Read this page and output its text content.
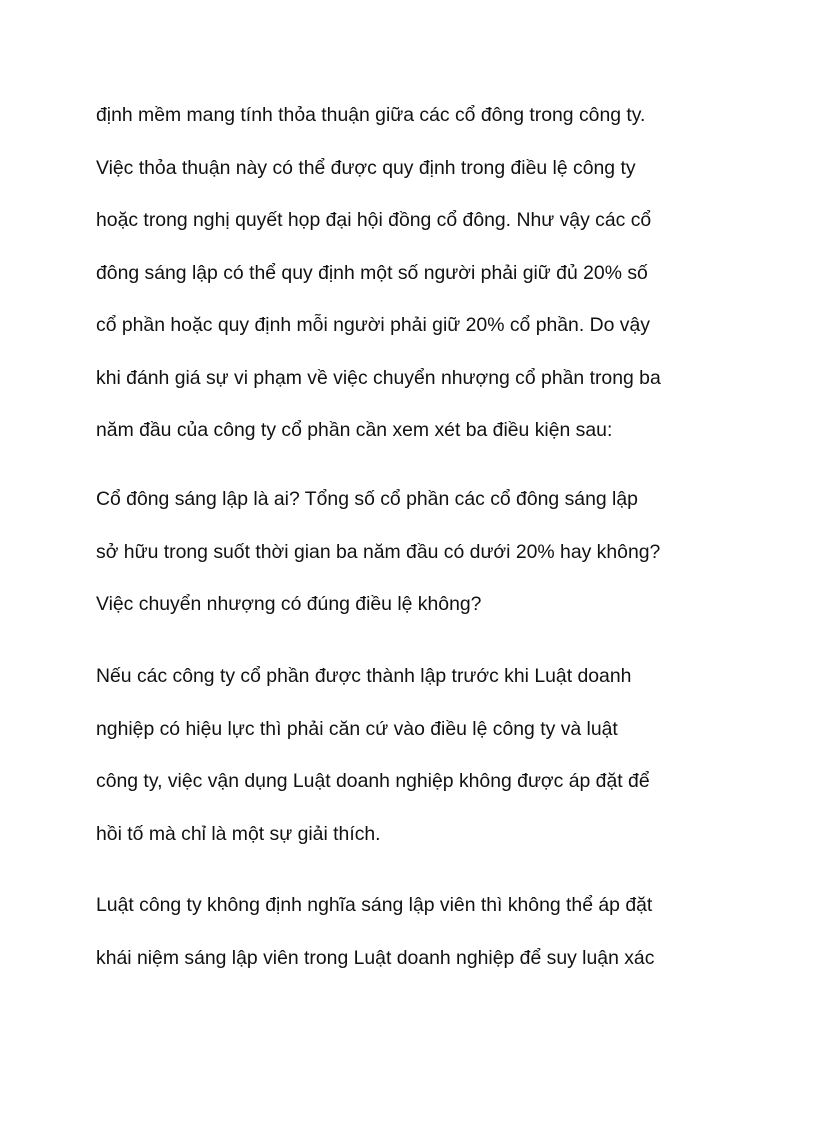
định mềm mang tính thỏa thuận giữa các cổ đông trong công ty.
Việc thỏa thuận này có thể được quy định trong điều lệ công ty
hoặc trong nghị quyết họp đại hội đồng cổ đông. Như vậy các cổ
đông sáng lập có thể quy định một số người phải giữ đủ 20% số
cổ phần hoặc quy định mỗi người phải giữ 20% cổ phần. Do vậy
khi đánh giá sự vi phạm về việc chuyển nhượng cổ phần trong ba
năm đầu của công ty cổ phần cần xem xét ba điều kiện sau:
Cổ đông sáng lập là ai? Tổng số cổ phần các cổ đông sáng lập
sở hữu trong suốt thời gian ba năm đầu có dưới 20% hay không?
Việc chuyển nhượng có đúng điều lệ không?
Nếu các công ty cổ phần được thành lập trước khi Luật doanh
nghiệp có hiệu lực thì phải căn cứ vào điều lệ công ty và luật
công ty, việc vận dụng Luật doanh nghiệp không được áp đặt để
hồi tố mà chỉ là một sự giải thích.
Luật công ty không định nghĩa sáng lập viên thì không thể áp đặt
khái niệm sáng lập viên trong Luật doanh nghiệp để suy luận xác
